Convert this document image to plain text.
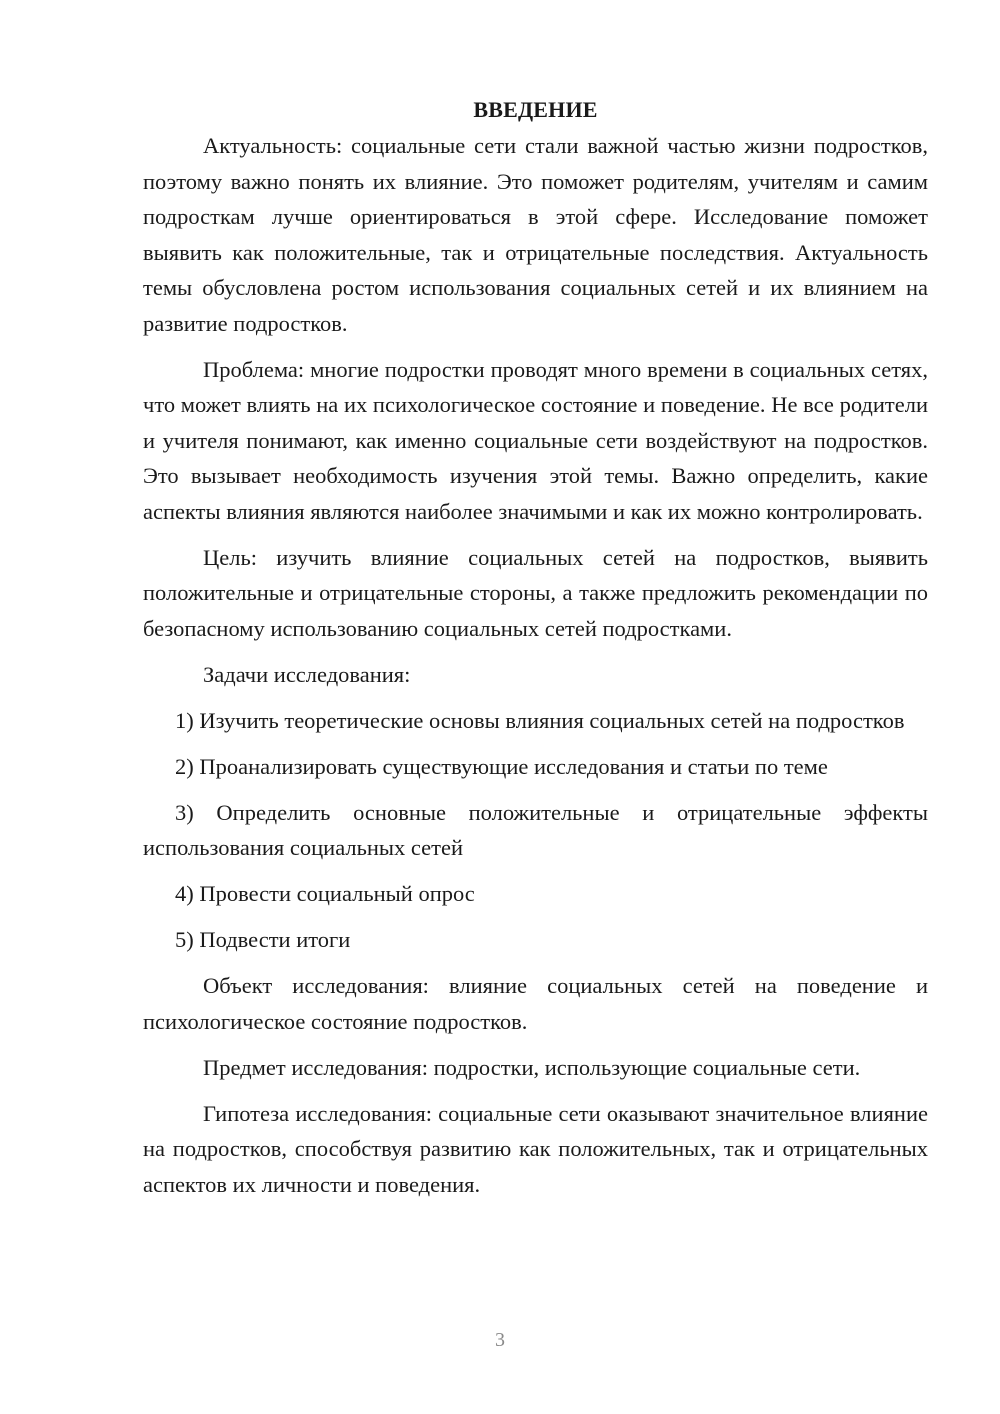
ВВЕДЕНИЕ

Актуальность: социальные сети стали важной частью жизни подростков, поэтому важно понять их влияние. Это поможет родителям, учителям и самим подросткам лучше ориентироваться в этой сфере. Исследование поможет выявить как положительные, так и отрицательные последствия. Актуальность темы обусловлена ростом использования социальных сетей и их влиянием на развитие подростков.

Проблема: многие подростки проводят много времени в социальных сетях, что может влиять на их психологическое состояние и поведение. Не все родители и учителя понимают, как именно социальные сети воздействуют на подростков. Это вызывает необходимость изучения этой темы. Важно определить, какие аспекты влияния являются наиболее значимыми и как их можно контролировать.

Цель: изучить влияние социальных сетей на подростков, выявить положительные и отрицательные стороны, а также предложить рекомендации по безопасному использованию социальных сетей подростками.

Задачи исследования:

1) Изучить теоретические основы влияния социальных сетей на подростков

2) Проанализировать существующие исследования и статьи по теме

3) Определить основные положительные и отрицательные эффекты использования социальных сетей

4) Провести социальный опрос

5) Подвести итоги

Объект исследования: влияние социальных сетей на поведение и психологическое состояние подростков.

Предмет исследования: подростки, использующие социальные сети.

Гипотеза исследования: социальные сети оказывают значительное влияние на подростков, способствуя развитию как положительных, так и отрицательных аспектов их личности и поведения.

3
